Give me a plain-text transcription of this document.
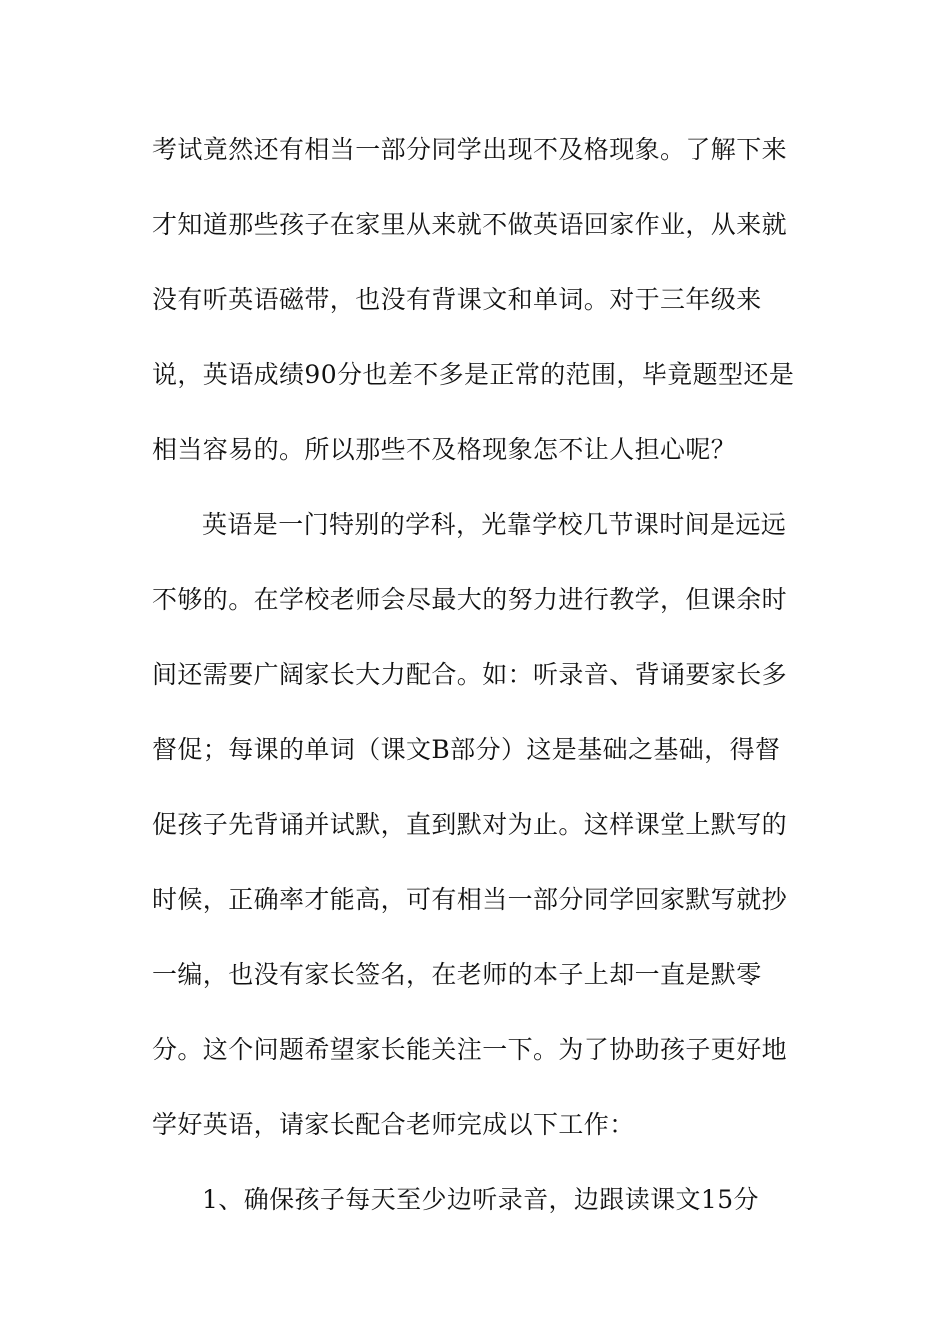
考试竟然还有相当一部分同学出现不及格现象。了解下来
才知道那些孩子在家里从来就不做英语回家作业，从来就
没有听英语磁带，也没有背课文和单词。对于三年级来
说，英语成绩90分也差不多是正常的范围，毕竟题型还是
相当容易的。所以那些不及格现象怎不让人担心呢？
英语是一门特别的学科，光靠学校几节课时间是远远
不够的。在学校老师会尽最大的努力进行教学，但课余时
间还需要广阔家长大力配合。如：听录音、背诵要家长多
督促；每课的单词（课文B部分）这是基础之基础，得督
促孩子先背诵并试默，直到默对为止。这样课堂上默写的
时候，正确率才能高，可有相当一部分同学回家默写就抄
一编，也没有家长签名，在老师的本子上却一直是默零
分。这个问题希望家长能关注一下。为了协助孩子更好地
学好英语，请家长配合老师完成以下工作：
1、确保孩子每天至少边听录音，边跟读课文15分
